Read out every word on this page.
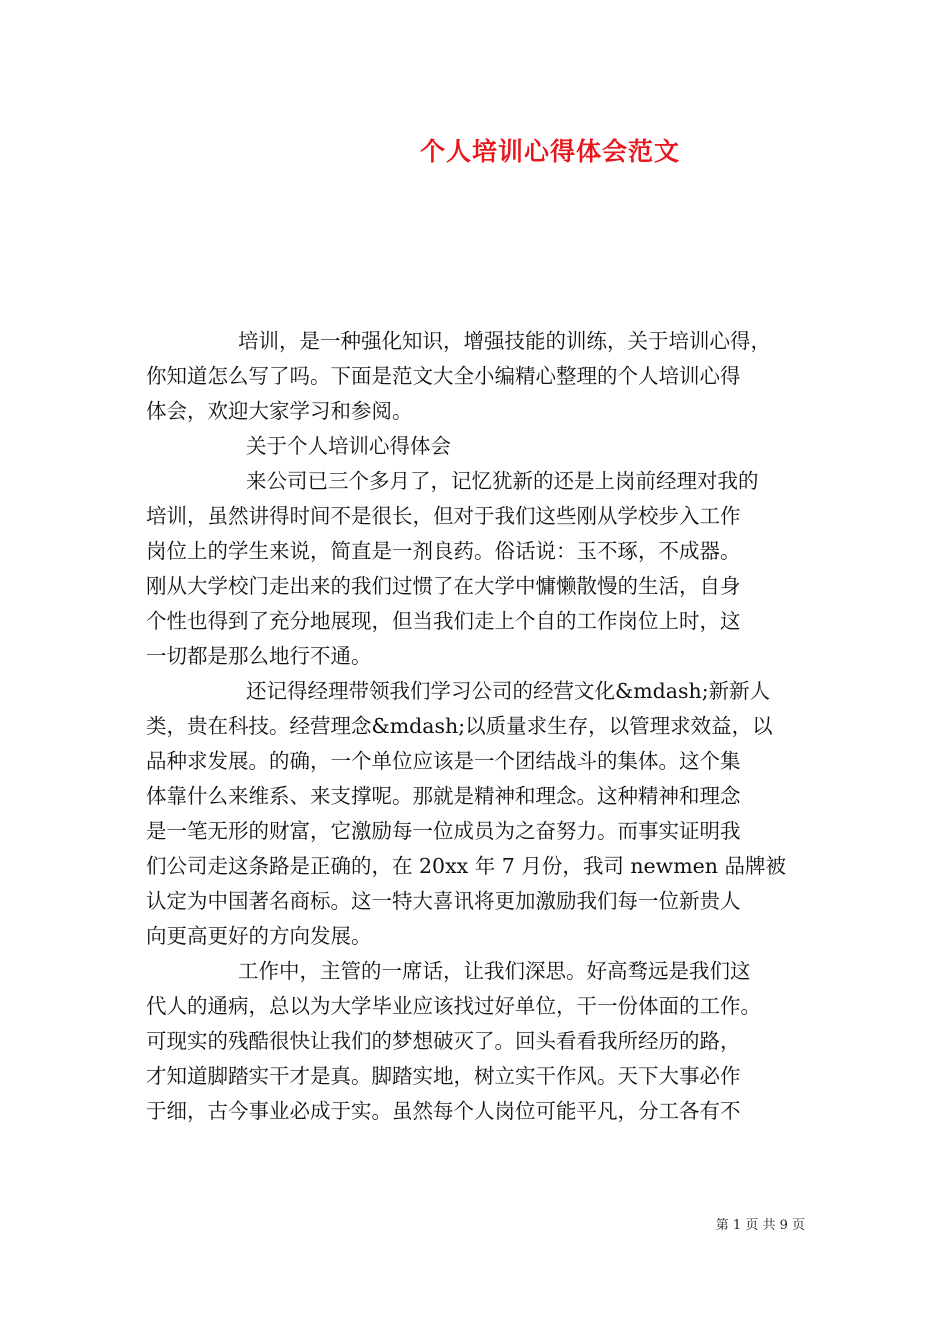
个人培训心得体会范文
培训，是一种强化知识，增强技能的训练，关于培训心得，
你知道怎么写了吗。下面是范文大全小编精心整理的个人培训心得
体会，欢迎大家学习和参阅。
关于个人培训心得体会
来公司已三个多月了，记忆犹新的还是上岗前经理对我的
培训，虽然讲得时间不是很长，但对于我们这些刚从学校步入工作
岗位上的学生来说，简直是一剂良药。俗话说：玉不琢，不成器。
刚从大学校门走出来的我们过惯了在大学中慵懒散慢的生活，自身
个性也得到了充分地展现，但当我们走上个自的工作岗位上时，这
一切都是那么地行不通。
还记得经理带领我们学习公司的经营文化&mdash;新新人
类，贵在科技。经营理念&mdash;以质量求生存，以管理求效益，以
品种求发展。的确，一个单位应该是一个团结战斗的集体。这个集
体靠什么来维系、来支撑呢。那就是精神和理念。这种精神和理念
是一笔无形的财富，它激励每一位成员为之奋努力。而事实证明我
们公司走这条路是正确的，在 20xx 年 7 月份，我司 newmen 品牌被
认定为中国著名商标。这一特大喜讯将更加激励我们每一位新贵人
向更高更好的方向发展。
工作中，主管的一席话，让我们深思。好高骛远是我们这
代人的通病，总以为大学毕业应该找过好单位，干一份体面的工作。
可现实的残酷很快让我们的梦想破灭了。回头看看我所经历的路，
才知道脚踏实干才是真。脚踏实地，树立实干作风。天下大事必作
于细，古今事业必成于实。虽然每个人岗位可能平凡，分工各有不
第 1 页 共 9 页
